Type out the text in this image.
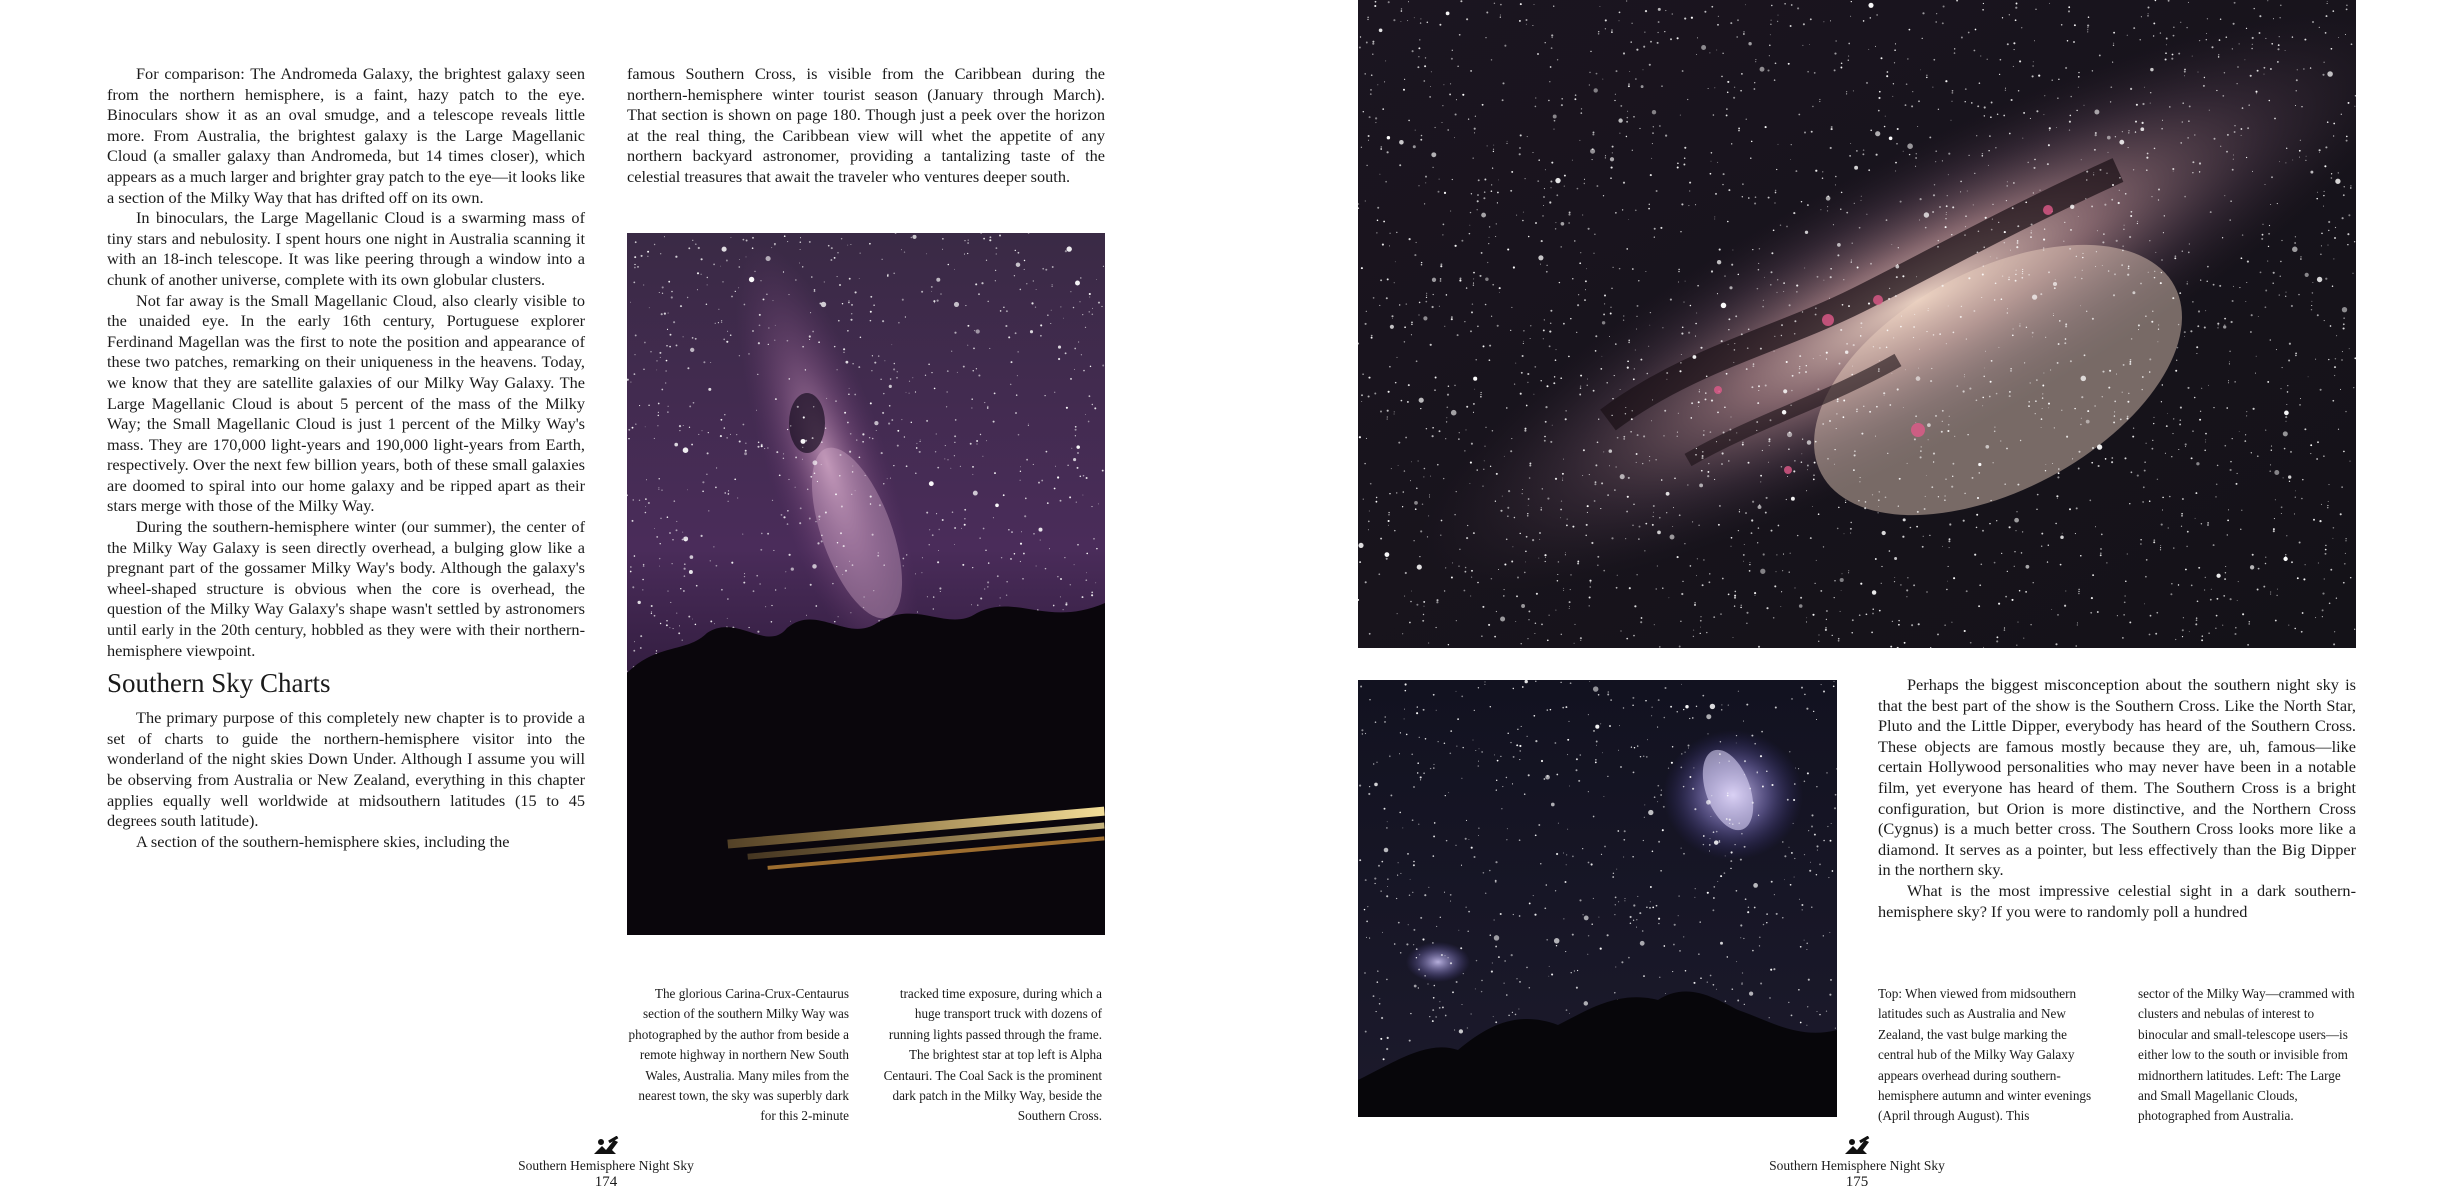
For comparison: The Andromeda Galaxy, the brightest galaxy seen from the northern hemisphere, is a faint, hazy patch to the eye. Binoculars show it as an oval smudge, and a telescope reveals little more. From Australia, the brightest galaxy is the Large Magellanic Cloud (a smaller galaxy than Andromeda, but 14 times closer), which appears as a much larger and brighter gray patch to the eye—it looks like a section of the Milky Way that has drifted off on its own.

In binoculars, the Large Magellanic Cloud is a swarming mass of tiny stars and nebulosity. I spent hours one night in Australia scanning it with an 18-inch telescope. It was like peering through a window into a chunk of another universe, complete with its own globular clusters.

Not far away is the Small Magellanic Cloud, also clearly visible to the unaided eye. In the early 16th century, Portuguese explorer Ferdinand Magellan was the first to note the position and appearance of these two patches, remarking on their uniqueness in the heavens. Today, we know that they are satellite galaxies of our Milky Way Galaxy. The Large Magellanic Cloud is about 5 percent of the mass of the Milky Way; the Small Magellanic Cloud is just 1 percent of the Milky Way's mass. They are 170,000 light-years and 190,000 light-years from Earth, respectively. Over the next few billion years, both of these small galaxies are doomed to spiral into our home galaxy and be ripped apart as their stars merge with those of the Milky Way.

During the southern-hemisphere winter (our summer), the center of the Milky Way Galaxy is seen directly overhead, a bulging glow like a pregnant part of the gossamer Milky Way's body. Although the galaxy's wheel-shaped structure is obvious when the core is overhead, the question of the Milky Way Galaxy's shape wasn't settled by astronomers until early in the 20th century, hobbled as they were with their northern-hemisphere viewpoint.

Southern Sky Charts

The primary purpose of this completely new chapter is to provide a set of charts to guide the northern-hemisphere visitor into the wonderland of the night skies Down Under. Although I assume you will be observing from Australia or New Zealand, everything in this chapter applies equally well worldwide at midsouthern latitudes (15 to 45 degrees south latitude).

A section of the southern-hemisphere skies, including the

famous Southern Cross, is visible from the Caribbean during the northern-hemisphere winter tourist season (January through March). That section is shown on page 180. Though just a peek over the horizon at the real thing, the Caribbean view will whet the appetite of any northern backyard astronomer, providing a tantalizing taste of the celestial treasures that await the traveler who ventures deeper south.

The glorious Carina-Crux-Centaurus section of the southern Milky Way was photographed by the author from beside a remote highway in northern New South Wales, Australia. Many miles from the nearest town, the sky was superbly dark for this 2-minute
tracked time exposure, during which a huge transport truck with dozens of running lights passed through the frame. The brightest star at top left is Alpha Centauri. The Coal Sack is the prominent dark patch in the Milky Way, beside the Southern Cross.
Southern Hemisphere Night Sky
174

Perhaps the biggest misconception about the southern night sky is that the best part of the show is the Southern Cross. Like the North Star, Pluto and the Little Dipper, everybody has heard of the Southern Cross. These objects are famous mostly because they are, uh, famous—like certain Hollywood personalities who may never have been in a notable film, yet everyone has heard of them. The Southern Cross is a bright configuration, but Orion is more distinctive, and the Northern Cross (Cygnus) is a much better cross. The Southern Cross looks more like a diamond. It serves as a pointer, but less effectively than the Big Dipper in the northern sky.

What is the most impressive celestial sight in a dark southern-hemisphere sky? If you were to randomly poll a hundred

Top: When viewed from midsouthern latitudes such as Australia and New Zealand, the vast bulge marking the central hub of the Milky Way Galaxy appears overhead during southern-hemisphere autumn and winter evenings (April through August). This
sector of the Milky Way—crammed with clusters and nebulas of interest to binocular and small-telescope users—is either low to the south or invisible from midnorthern latitudes. Left: The Large and Small Magellanic Clouds, photographed from Australia.
Southern Hemisphere Night Sky
175
